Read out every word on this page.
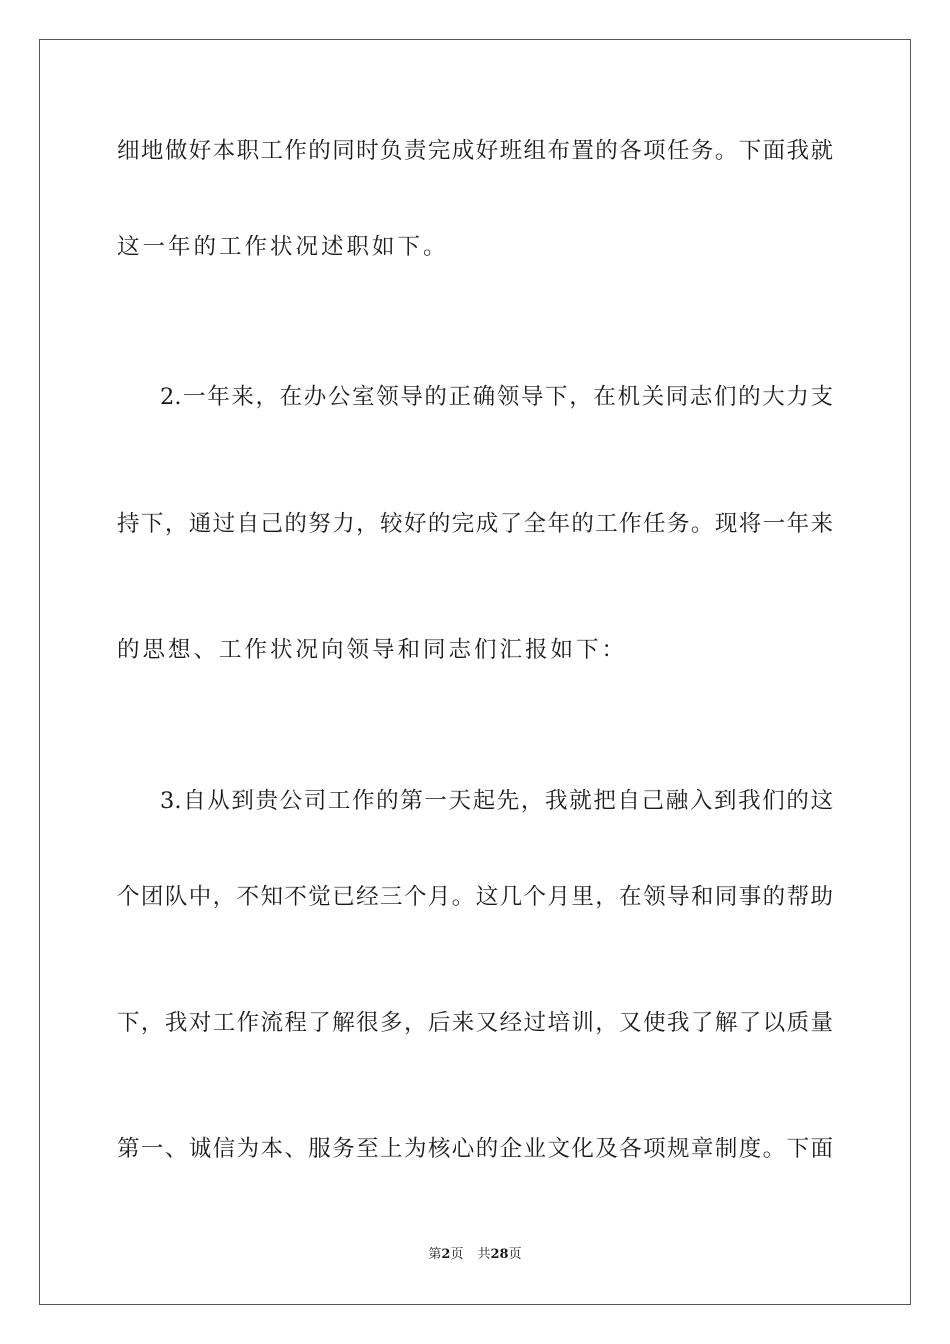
细地做好本职工作的同时负责完成好班组布置的各项任务。下面我就
这一年的工作状况述职如下。
2.一年来，在办公室领导的正确领导下，在机关同志们的大力支
持下，通过自己的努力，较好的完成了全年的工作任务。现将一年来
的思想、工作状况向领导和同志们汇报如下：
3.自从到贵公司工作的第一天起先，我就把自己融入到我们的这
个团队中，不知不觉已经三个月。这几个月里，在领导和同事的帮助
下，我对工作流程了解很多，后来又经过培训，又使我了解了以质量
第一、诚信为本、服务至上为核心的企业文化及各项规章制度。下面
第2页 共28页
